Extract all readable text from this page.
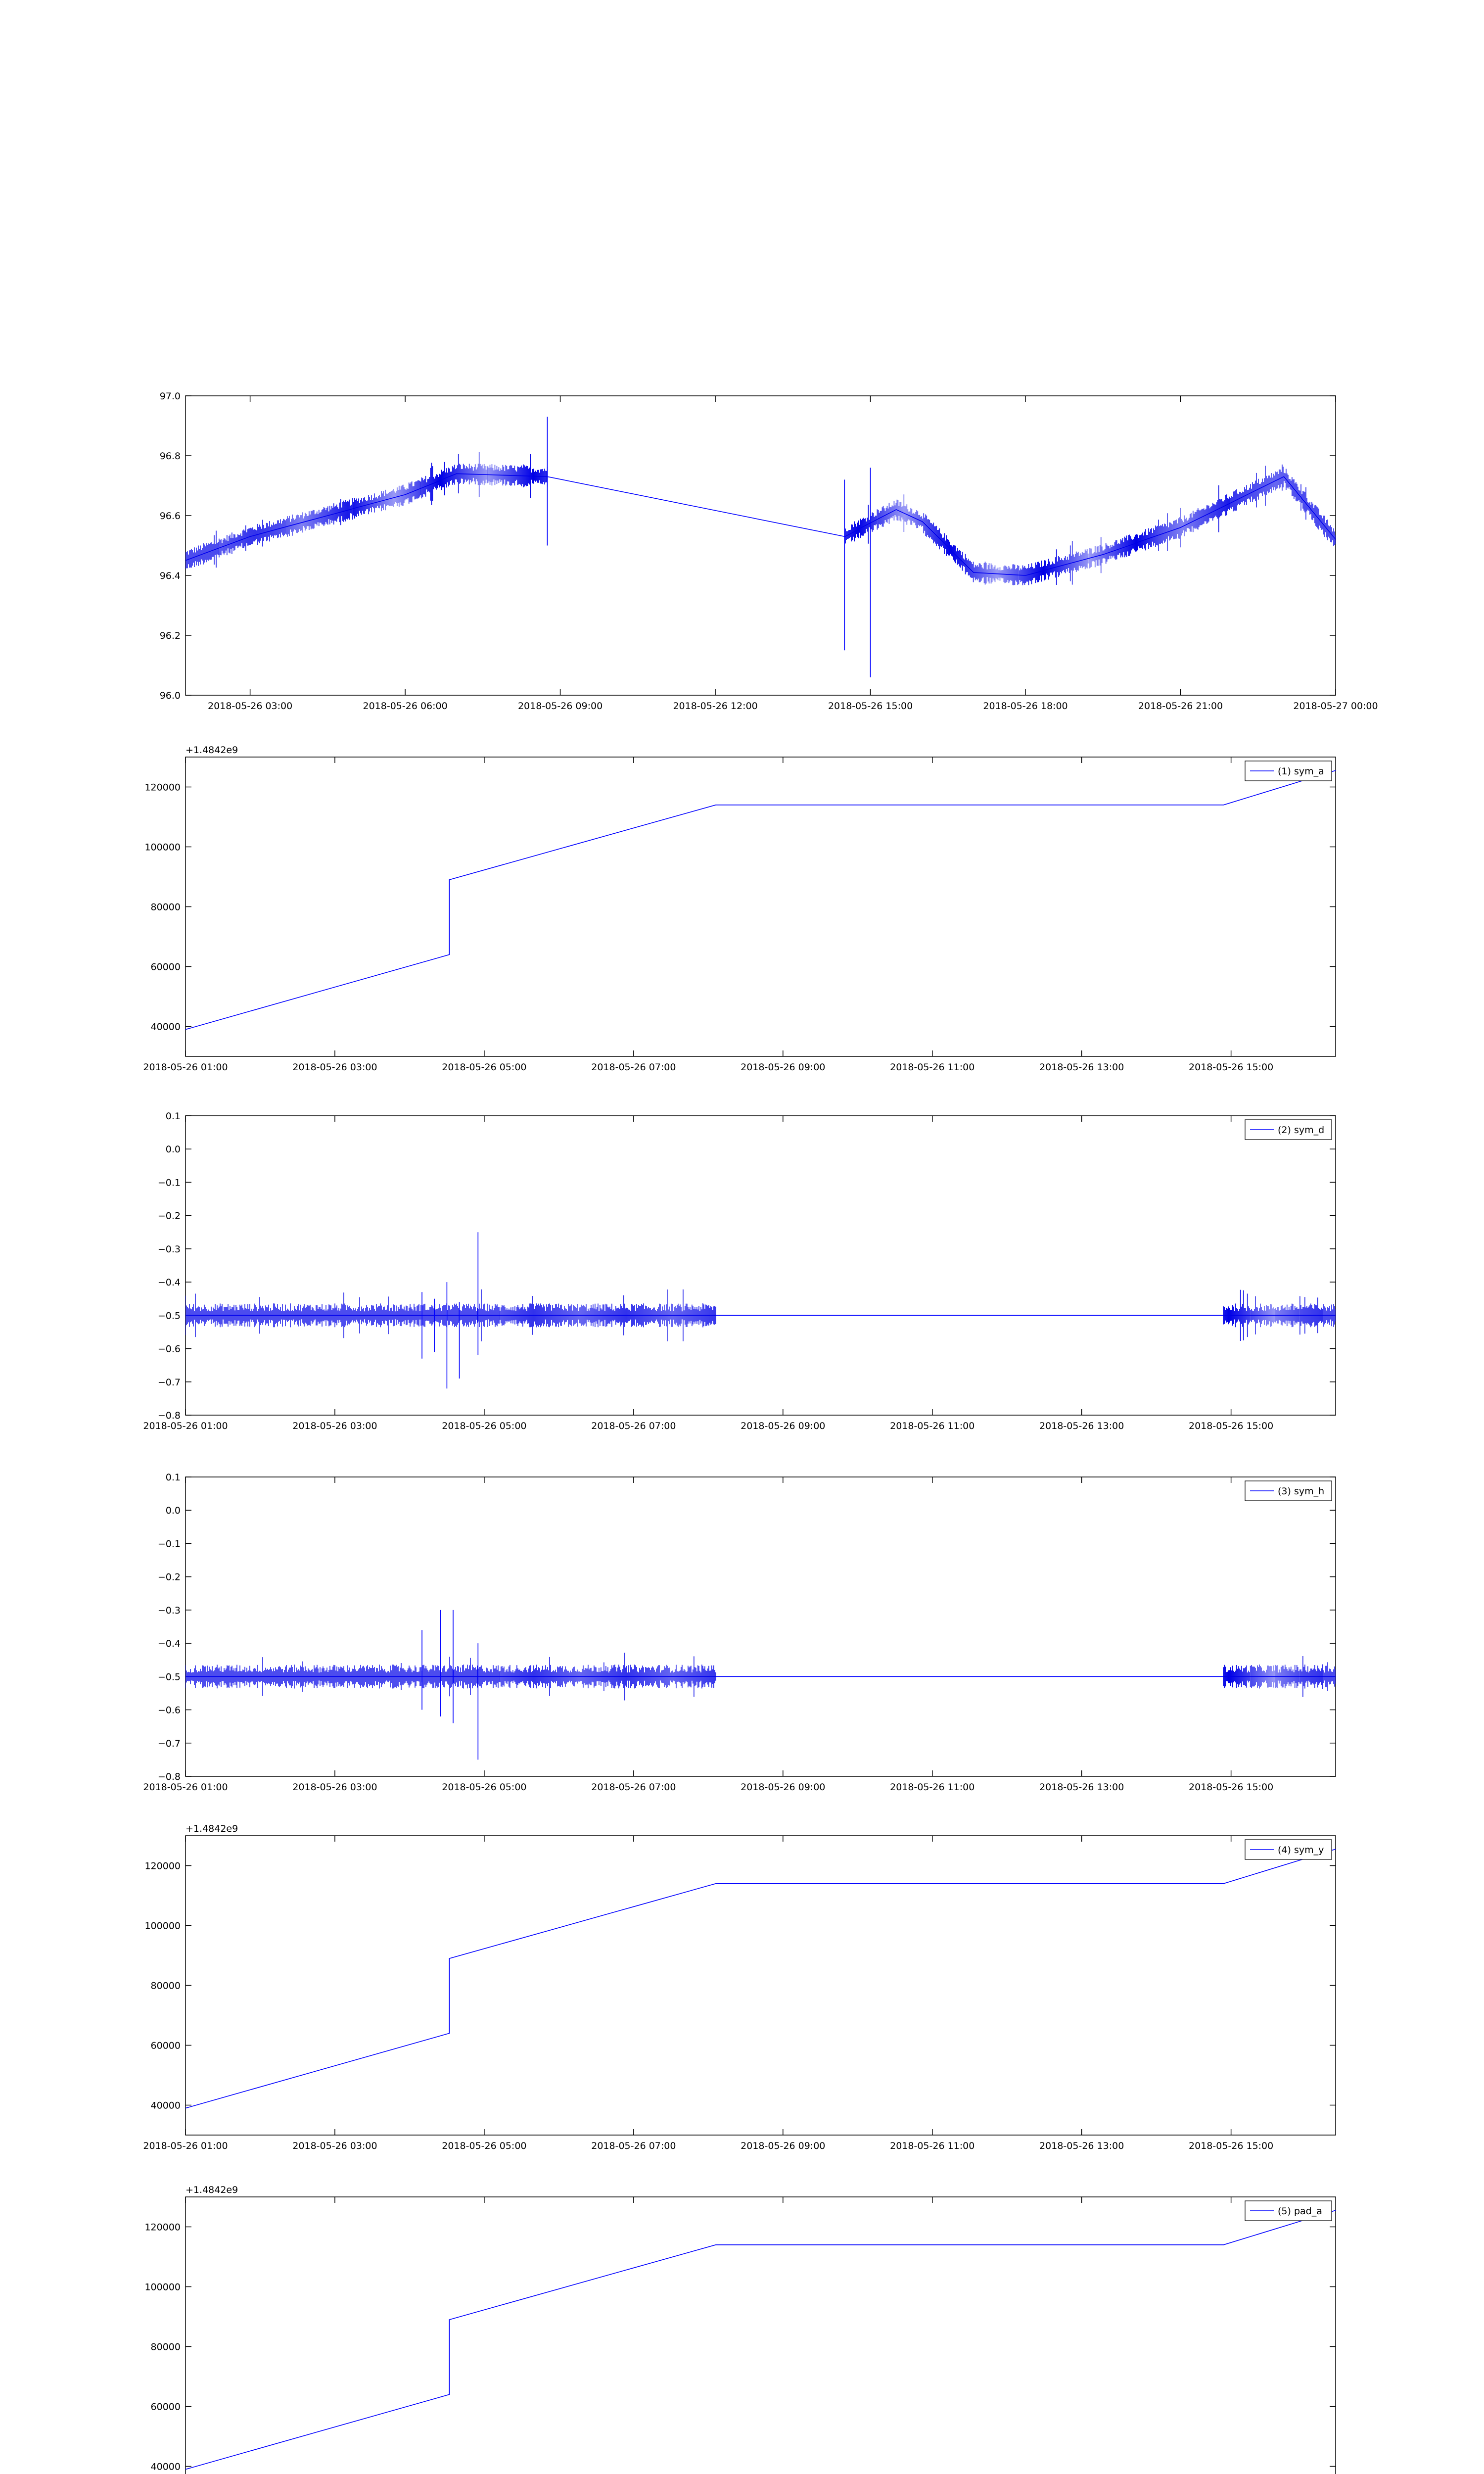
96.0
96.2
96.4
96.6
96.8
97.0
2018-05-26 03:00	2018-05-26 06:00	2018-05-26 09:00	2018-05-26 12:00	2018-05-26 15:00	2018-05-26 18:00	2018-05-26 21:00	2018-05-27 00:00
40000
60000
80000
100000
120000
2018-05-26 01:00	2018-05-26 03:00	2018-05-26 05:00	2018-05-26 07:00	2018-05-26 09:00	2018-05-26 11:00	2018-05-26 13:00	2018-05-26 15:00
+1.4842e9
(1) sym_a
0.1
0.0
−0.1
−0.2
−0.3
−0.4
−0.5
−0.6
−0.7
−0.8
2018-05-26 01:00	2018-05-26 03:00	2018-05-26 05:00	2018-05-26 07:00	2018-05-26 09:00	2018-05-26 11:00	2018-05-26 13:00	2018-05-26 15:00
(2) sym_d
0.1
0.0
−0.1
−0.2
−0.3
−0.4
−0.5
−0.6
−0.7
−0.8
2018-05-26 01:00	2018-05-26 03:00	2018-05-26 05:00	2018-05-26 07:00	2018-05-26 09:00	2018-05-26 11:00	2018-05-26 13:00	2018-05-26 15:00
(3) sym_h
40000
60000
80000
100000
120000
2018-05-26 01:00	2018-05-26 03:00	2018-05-26 05:00	2018-05-26 07:00	2018-05-26 09:00	2018-05-26 11:00	2018-05-26 13:00	2018-05-26 15:00
+1.4842e9
(4) sym_y
40000
60000
80000
100000
120000
+1.4842e9
(5) pad_a
